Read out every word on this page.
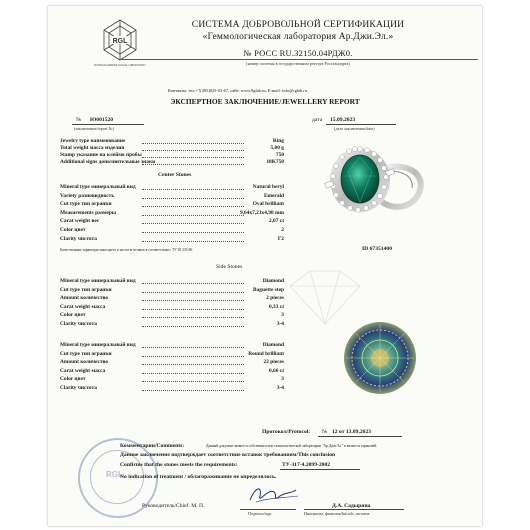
RGL
RUSSIAN GEMMOLOGICAL LABORATORY
СИСТЕМА ДОБРОВОЛЬНОЙ СЕРТИФИКАЦИИ
«Геммологическая лаборатория Ар.Джи.Эл.»
№ РОСС RU.32150.04РДЖ0.
(номер системы в государственном реестре Росстандарта)
Контакты: тел.+7(495)025-03-67, сайт: www.8glab.ru, E-mail: info@rglab.ru
ЭКСПЕРТНОЕ ЗАКЛЮЧЕНИЕ/JEWELLERY REPORT
№ Ю001520
(заключение/report №)
дата 15.09.2023
(дата заключения/date)
Jewelry type наименование	Ring
Total weight масса изделия	5,00 g
Stamp указание на клеймо пробы	750
Additional signs дополнительные знаки	18K750
Center Stones
Mineral type минеральный вид	Natural beryl
Variety разновидность	Emerald
Cut type тип огранки	Oval brilliant
Measurements размеры	9,64x7,21x4,98 mm
Carat weight вес	2,07 ct
Color цвет	2
Clarity чистота	Г2
Качественные характеристики цвета и чистоты вставок в соответствии с ТУ 95 235-86	ID 67351400
Side Stones
Mineral type минеральный вид	Diamond
Cut type тип огранки	Baguette step
Amount количество	2 pieces
Carat weight масса	0,33 ct
Color цвет	3
Clarity чистота	3-4
Mineral type минеральный вид	Diamond
Cut type тип огранки	Round brilliant
Amount количество	22 pieces
Carat weight масса	0,66 ct
Color цвет	3
Clarity чистота	3-4
Протокол/Protocol: № 12 от 13.09.2023
RGL
Комментарии/Comments:	Данный документ является собственностью геммологической лаборатории "Ар.Джи.Эл." и является гарантией.
Данное заключение подтверждает соответствие вставок требованиям/This conclusion
Confirms that the stones meets the requirements:	ТУ-117-4.2099-2002
No indication of treatment / облагораживание не определялось.
Руководитель/Chief. М. П.
Подпись/sign
Д.А. Садырина
Инициалы, фамилия/Initials, surname
